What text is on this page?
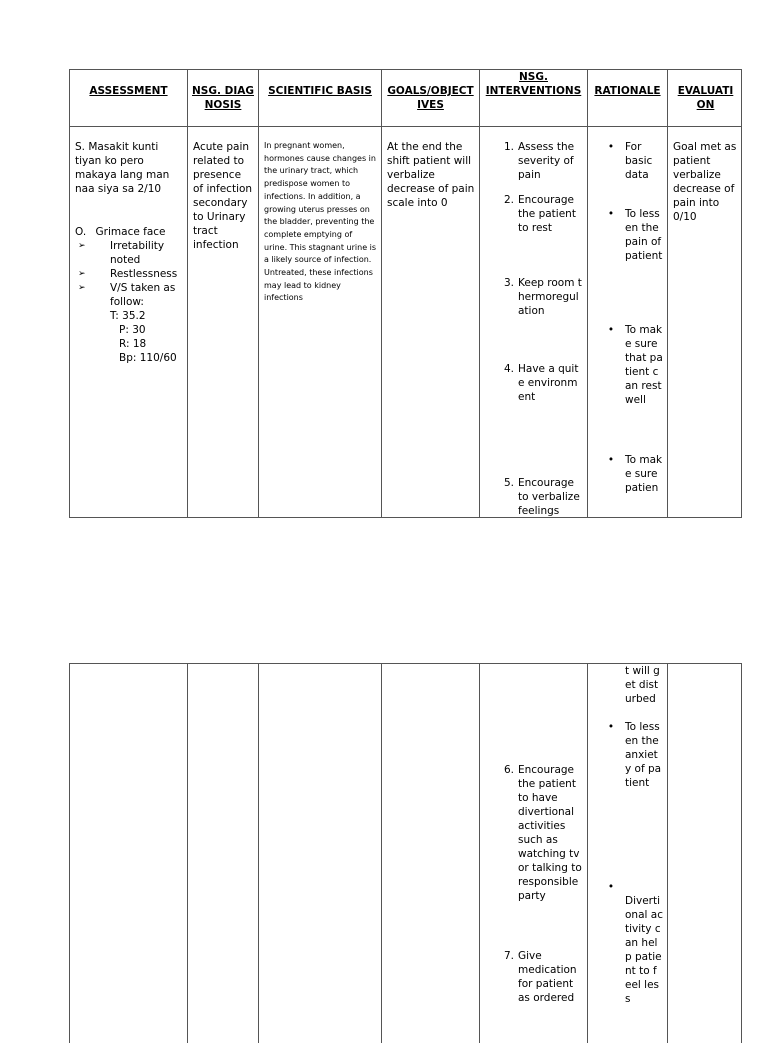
ASSESSMENT
S. Masakit kunti tiyan ko pero makaya lang man naa siya sa 2/10
O. Grimace face
➢ Irretability noted
➢ Restlessness
➢ V/S taken as follow:
T: 35.2
P: 30
R: 18
Bp: 110/60
NSG. DIAGNOSIS
Acute pain related to presence of infection secondary to Urinary tract infection
SCIENTIFIC BASIS
In pregnant women, hormones cause changes in the urinary tract, which predispose women to infections. In addition, a growing uterus presses on the bladder, preventing the complete emptying of urine. This stagnant urine is a likely source of infection. Untreated, these infections may lead to kidney infections
GOALS/OBJECTIVES
At the end the shift patient will verbalize decrease of pain scale into 0
NSG. INTERVENTIONS
1. Assess the severity of pain
2. Encourage the patient to rest
3. Keep room thermoregulation
4. Have a quite environment
5. Encourage to verbalize feelings
RATIONALE
• For basic data
• To lessen the pain of patient
• To make sure that patient can rest well
• To make sure patien
EVALUATION
Goal met as patient verbalize decrease of pain into 0/10
6. Encourage the patient to have divertional activities such as watching tv or talking to responsible party
7. Give medication for patient as ordered
t will get disturbed
• To lessen the anxiety of patient
•
Divertional activity can help patient to feel less
